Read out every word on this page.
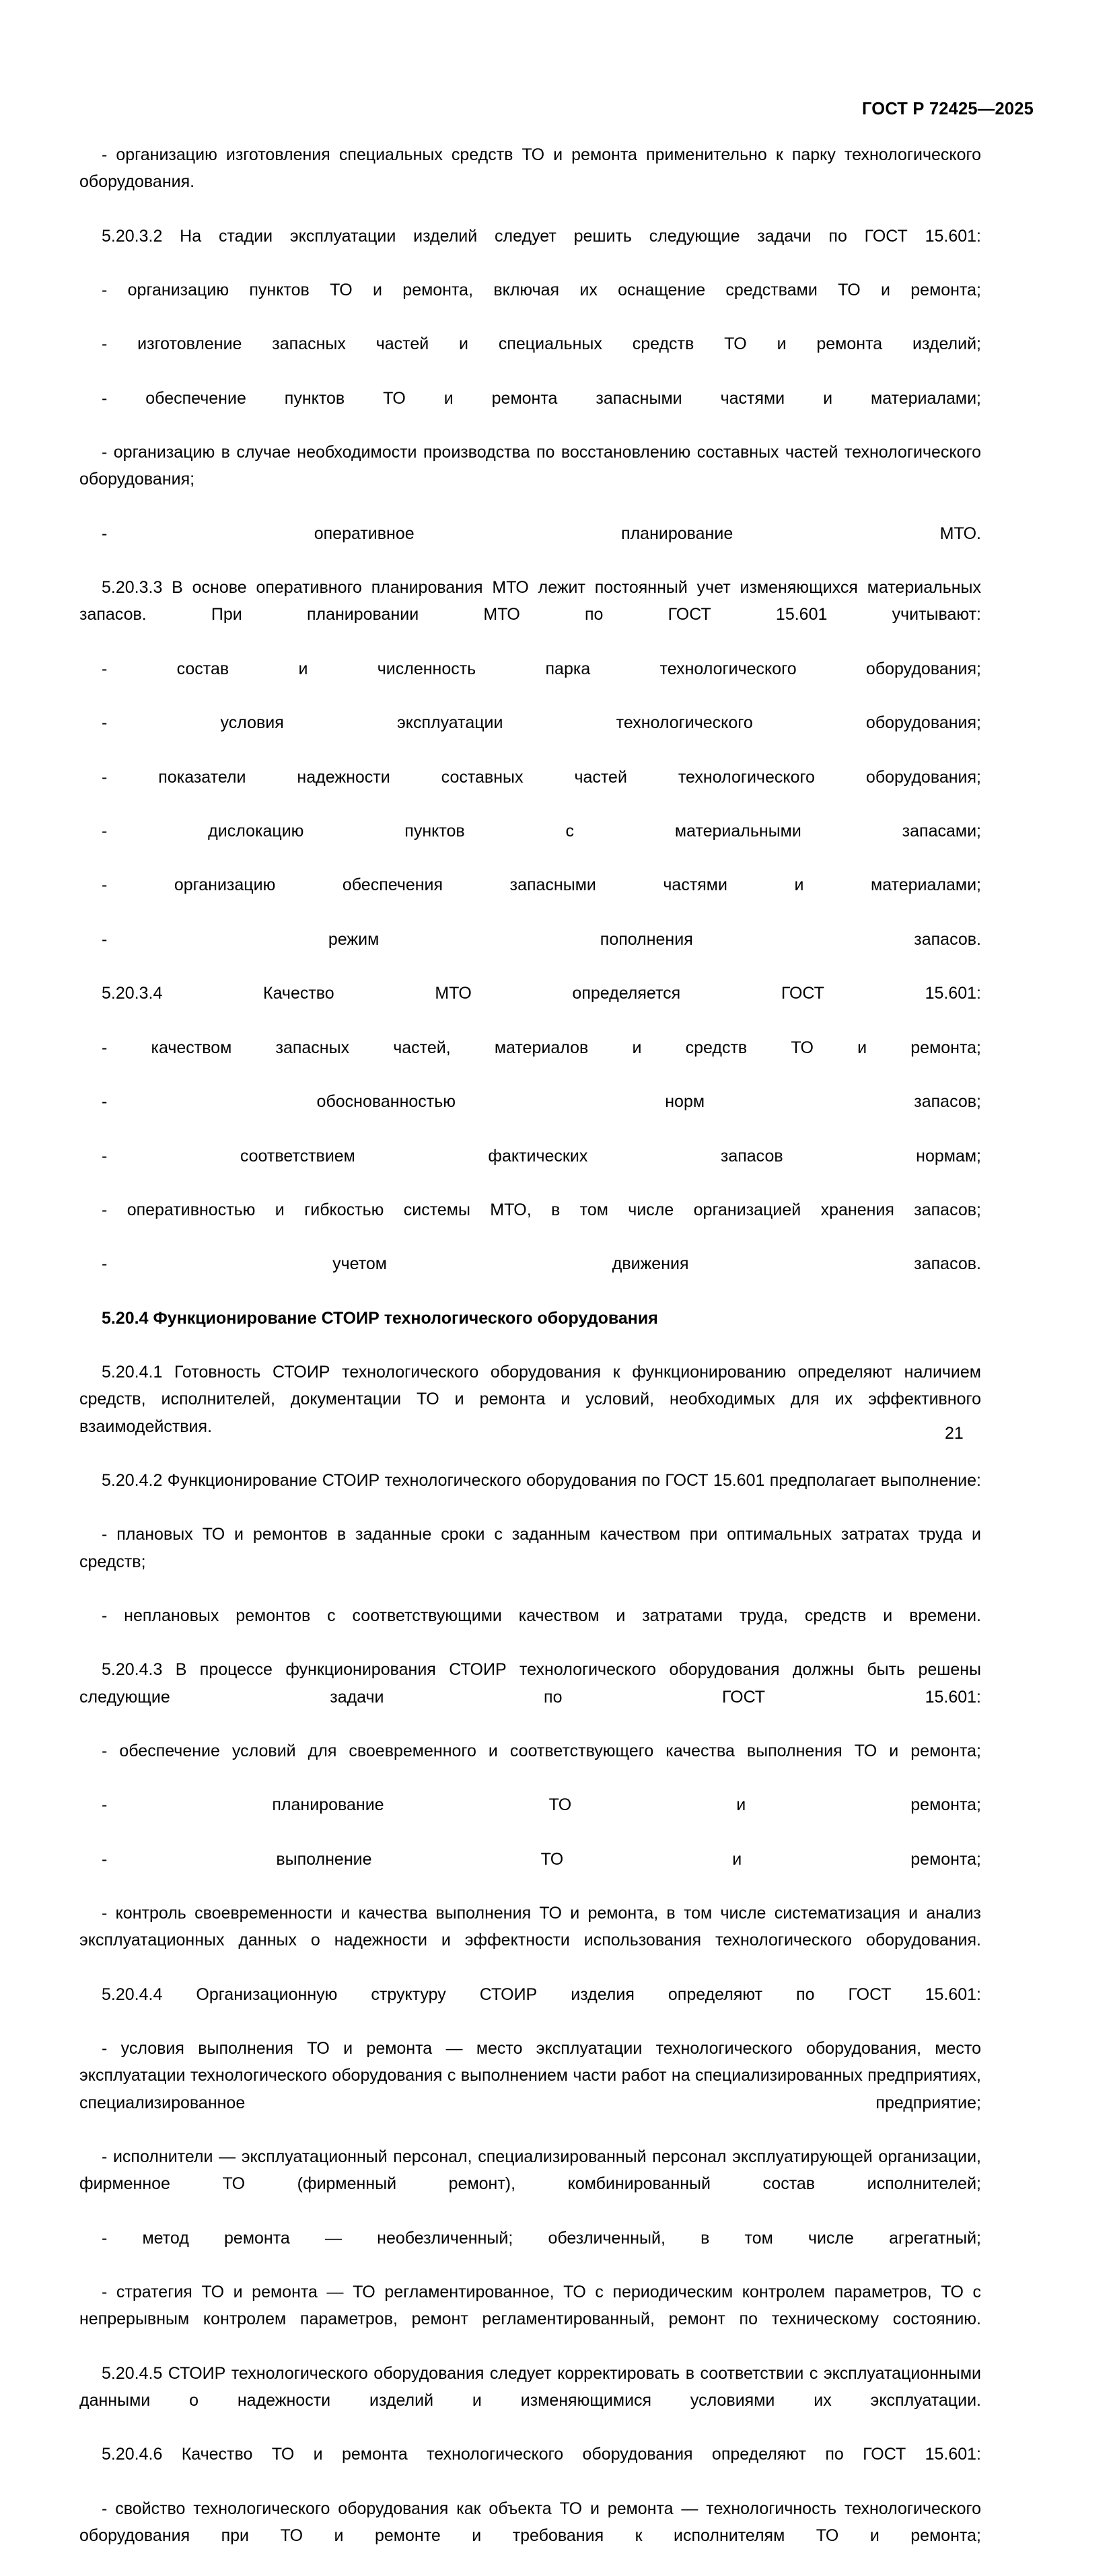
ГОСТ Р 72425—2025

- организацию изготовления специальных средств ТО и ремонта применительно к парку технологического оборудования.

5.20.3.2 На стадии эксплуатации изделий следует решить следующие задачи по ГОСТ 15.601:

- организацию пунктов ТО и ремонта, включая их оснащение средствами ТО и ремонта;

- изготовление запасных частей и специальных средств ТО и ремонта изделий;

- обеспечение пунктов ТО и ремонта запасными частями и материалами;

- организацию в случае необходимости производства по восстановлению составных частей технологического оборудования;

- оперативное планирование МТО.

5.20.3.3 В основе оперативного планирования МТО лежит постоянный учет изменяющихся материальных запасов. При планировании МТО по ГОСТ 15.601 учитывают:

- состав и численность парка технологического оборудования;

- условия эксплуатации технологического оборудования;

- показатели надежности составных частей технологического оборудования;

- дислокацию пунктов с материальными запасами;

- организацию обеспечения запасными частями и материалами;

- режим пополнения запасов.

5.20.3.4 Качество МТО определяется ГОСТ 15.601:

- качеством запасных частей, материалов и средств ТО и ремонта;

- обоснованностью норм запасов;

- соответствием фактических запасов нормам;

- оперативностью и гибкостью системы МТО, в том числе организацией хранения запасов;

- учетом движения запасов.

5.20.4 Функционирование СТОИР технологического оборудования

5.20.4.1 Готовность СТОИР технологического оборудования к функционированию определяют наличием средств, исполнителей, документации ТО и ремонта и условий, необходимых для их эффективного взаимодействия.

5.20.4.2 Функционирование СТОИР технологического оборудования по ГОСТ 15.601 предполагает выполнение:

- плановых ТО и ремонтов в заданные сроки с заданным качеством при оптимальных затратах труда и средств;

- неплановых ремонтов с соответствующими качеством и затратами труда, средств и времени.

5.20.4.3 В процессе функционирования СТОИР технологического оборудования должны быть решены следующие задачи по ГОСТ 15.601:

- обеспечение условий для своевременного и соответствующего качества выполнения ТО и ремонта;

- планирование ТО и ремонта;

- выполнение ТО и ремонта;

- контроль своевременности и качества выполнения ТО и ремонта, в том числе систематизация и анализ эксплуатационных данных о надежности и эффектности использования технологического оборудования.

5.20.4.4 Организационную структуру СТОИР изделия определяют по ГОСТ 15.601:

- условия выполнения ТО и ремонта — место эксплуатации технологического оборудования, место эксплуатации технологического оборудования с выполнением части работ на специализированных предприятиях, специализированное предприятие;

- исполнители — эксплуатационный персонал, специализированный персонал эксплуатирующей организации, фирменное ТО (фирменный ремонт), комбинированный состав исполнителей;

- метод ремонта — необезличенный; обезличенный, в том числе агрегатный;

- стратегия ТО и ремонта — ТО регламентированное, ТО с периодическим контролем параметров, ТО с непрерывным контролем параметров, ремонт регламентированный, ремонт по техническому состоянию.

5.20.4.5 СТОИР технологического оборудования следует корректировать в соответствии с эксплуатационными данными о надежности изделий и изменяющимися условиями их эксплуатации.

5.20.4.6 Качество ТО и ремонта технологического оборудования определяют по ГОСТ 15.601:

- свойство технологического оборудования как объекта ТО и ремонта — технологичность технологического оборудования при ТО и ремонте и требования к исполнителям ТО и ремонта;

21
